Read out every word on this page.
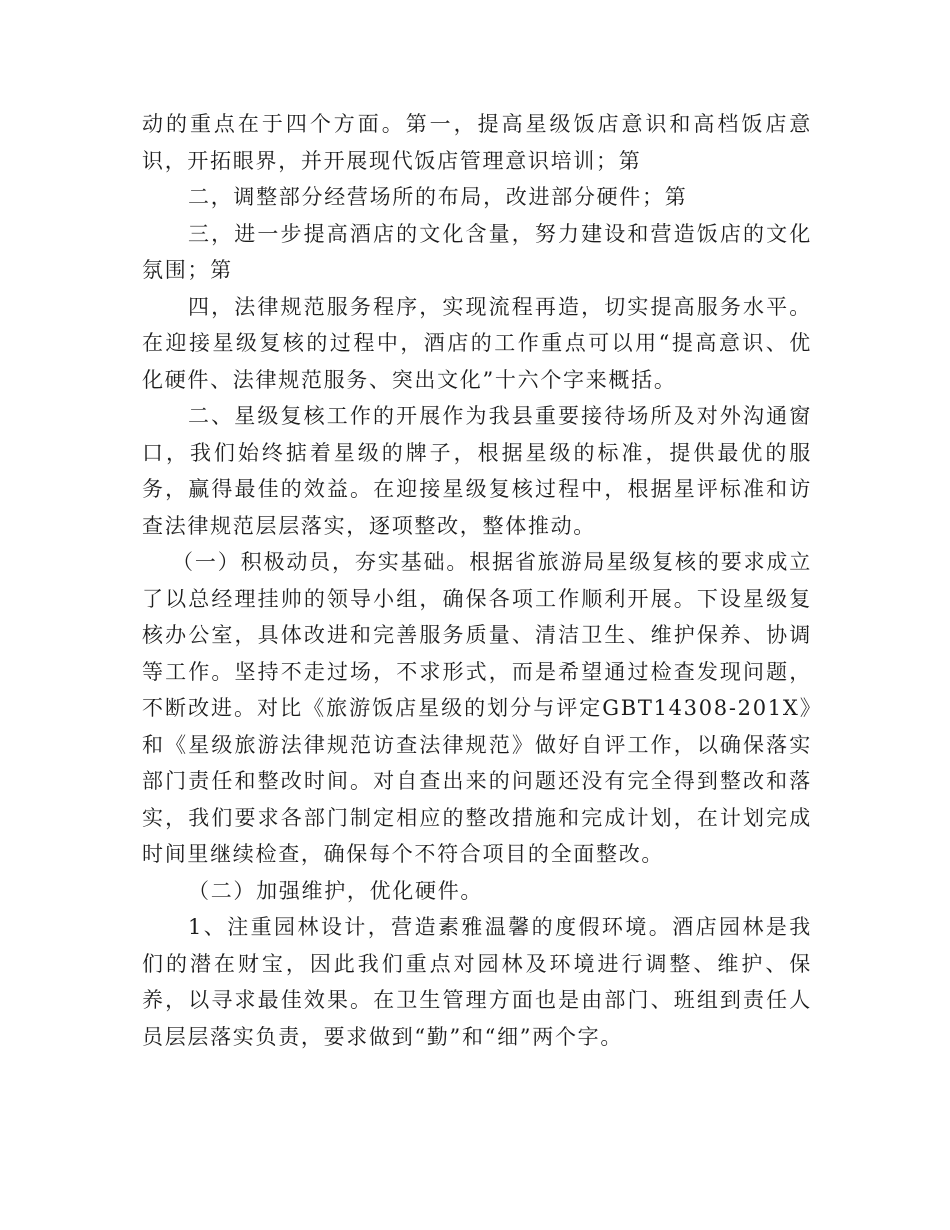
动的重点在于四个方面。第一，提高星级饭店意识和高档饭店意识，开拓眼界，并开展现代饭店管理意识培训；第

二，调整部分经营场所的布局，改进部分硬件；第

三，进一步提高酒店的文化含量，努力建设和营造饭店的文化氛围；第

四，法律规范服务程序，实现流程再造，切实提高服务水平。在迎接星级复核的过程中，酒店的工作重点可以用“提高意识、优化硬件、法律规范服务、突出文化”十六个字来概括。

二、星级复核工作的开展作为我县重要接待场所及对外沟通窗口，我们始终掂着星级的牌子，根据星级的标准，提供最优的服务，赢得最佳的效益。在迎接星级复核过程中，根据星评标准和访查法律规范层层落实，逐项整改，整体推动。

（一）积极动员，夯实基础。根据省旅游局星级复核的要求成立了以总经理挂帅的领导小组，确保各项工作顺利开展。下设星级复核办公室，具体改进和完善服务质量、清洁卫生、维护保养、协调等工作。坚持不走过场，不求形式，而是希望通过检查发现问题，不断改进。对比《旅游饭店星级的划分与评定GBT14308-201X》和《星级旅游法律规范访查法律规范》做好自评工作，以确保落实部门责任和整改时间。对自查出来的问题还没有完全得到整改和落实，我们要求各部门制定相应的整改措施和完成计划，在计划完成时间里继续检查，确保每个不符合项目的全面整改。

（二）加强维护，优化硬件。

1、注重园林设计，营造素雅温馨的度假环境。酒店园林是我们的潜在财宝，因此我们重点对园林及环境进行调整、维护、保养，以寻求最佳效果。在卫生管理方面也是由部门、班组到责任人员层层落实负责，要求做到“勤”和“细”两个字。
